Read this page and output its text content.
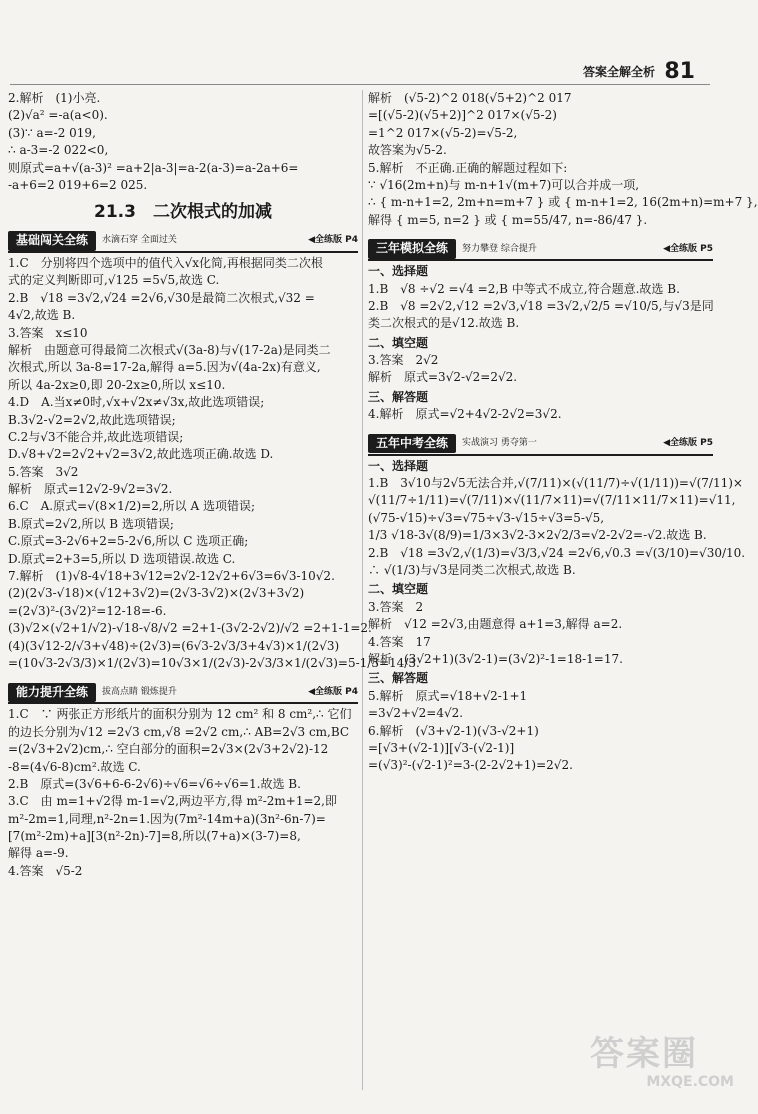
答案全解全析 81
2.解析　(1)小亮.
(2)√a² =-a(a<0).
(3)∵ a=-2 019,
∴ a-3=-2 022<0,
则原式=a+√(a-3)² =a+2|a-3|=a-2(a-3)=a-2a+6=
-a+6=2 019+6=2 025.
21.3　二次根式的加减
基础闯关全练	水滴石穿 全面过关	◀全练版 P4
1.C　分别将四个选项中的值代入√x化简,再根据同类二次根
式的定义判断即可,√125 =5√5,故选 C.
2.B　√18 =3√2,√24 =2√6,√30是最简二次根式,√32 =
4√2,故选 B.
3.答案　x≤10
解析　由题意可得最简二次根式√(3a-8)与√(17-2a)是同类二
次根式,所以 3a-8=17-2a,解得 a=5.因为√(4a-2x)有意义,
所以 4a-2x≥0,即 20-2x≥0,所以 x≤10.
4.D　A.当x≠0时,√x+√2x≠√3x,故此选项错误;
B.3√2-√2=2√2,故此选项错误;
C.2与√3不能合并,故此选项错误;
D.√8+√2=2√2+√2=3√2,故此选项正确.故选 D.
5.答案　3√2
解析　原式=12√2-9√2=3√2.
6.C　A.原式=√(8×1/2)=2,所以 A 选项错误;
B.原式=2√2,所以 B 选项错误;
C.原式=3-2√6+2=5-2√6,所以 C 选项正确;
D.原式=2+3=5,所以 D 选项错误.故选 C.
7.解析　(1)√8-4√18+3√12=2√2-12√2+6√3=6√3-10√2.
(2)(2√3-√18)×(√12+3√2)=(2√3-3√2)×(2√3+3√2)
=(2√3)²-(3√2)²=12-18=-6.
(3)√2×(√2+1/√2)-√18-√8/√2 =2+1-(3√2-2√2)/√2 =2+1-1=2.
(4)(3√12-2/√3+√48)÷(2√3)=(6√3-2√3/3+4√3)×1/(2√3)
=(10√3-2√3/3)×1/(2√3)=10√3×1/(2√3)-2√3/3×1/(2√3)=5-1/3=14/3.
能力提升全练	拔高点睛 锻炼提升	◀全练版 P4
1.C　∵ 两张正方形纸片的面积分别为 12 cm² 和 8 cm²,∴ 它们
的边长分别为√12 =2√3 cm,√8 =2√2 cm,∴ AB=2√3 cm,BC
=(2√3+2√2)cm,∴ 空白部分的面积=2√3×(2√3+2√2)-12
-8=(4√6-8)cm².故选 C.
2.B　原式=(3√6+6-6-2√6)÷√6=√6÷√6=1.故选 B.
3.C　由 m=1+√2得 m-1=√2,两边平方,得 m²-2m+1=2,即
m²-2m=1,同理,n²-2n=1.因为(7m²-14m+a)(3n²-6n-7)=
[7(m²-2m)+a][3(n²-2n)-7]=8,所以(7+a)×(3-7)=8,
解得 a=-9.
4.答案　√5-2
解析　(√5-2)^2 018(√5+2)^2 017
=[(√5-2)(√5+2)]^2 017×(√5-2)
=1^2 017×(√5-2)=√5-2,
故答案为√5-2.
5.解析　不正确.正确的解题过程如下:
∵ √16(2m+n)与 m-n+1√(m+7)可以合并成一项,
∴ { m-n+1=2, 2m+n=m+7 } 或 { m-n+1=2, 16(2m+n)=m+7 },
解得 { m=5, n=2 } 或 { m=55/47, n=-86/47 }.
三年模拟全练	努力攀登 综合提升	◀全练版 P5
一、选择题
1.B　√8 ÷√2 =√4 =2,B 中等式不成立,符合题意.故选 B.
2.B　√8 =2√2,√12 =2√3,√18 =3√2,√2/5 =√10/5,与√3是同
类二次根式的是√12.故选 B.
二、填空题
3.答案　2√2
解析　原式=3√2-√2=2√2.
三、解答题
4.解析　原式=√2+4√2-2√2=3√2.
五年中考全练	实战演习 勇夺第一	◀全练版 P5
一、选择题
1.B　3√10与2√5无法合并,√(7/11)×(√(11/7)÷√(1/11))=√(7/11)×
√(11/7÷1/11)=√(7/11)×√(11/7×11)=√(7/11×11/7×11)=√11,
(√75-√15)÷√3=√75÷√3-√15÷√3=5-√5,
1/3 √18-3√(8/9)=1/3×3√2-3×2√2/3=√2-2√2=-√2.故选 B.
2.B　√18 =3√2,√(1/3)=√3/3,√24 =2√6,√0.3 =√(3/10)=√30/10.
∴ √(1/3)与√3是同类二次根式,故选 B.
二、填空题
3.答案　2
解析　√12 =2√3,由题意得 a+1=3,解得 a=2.
4.答案　17
解析　(3√2+1)(3√2-1)=(3√2)²-1=18-1=17.
三、解答题
5.解析　原式=√18+√2-1+1
=3√2+√2=4√2.
6.解析　(√3+√2-1)(√3-√2+1)
=[√3+(√2-1)][√3-(√2-1)]
=(√3)²-(√2-1)²=3-(2-2√2+1)=2√2.
答案圈
MXQE.COM
